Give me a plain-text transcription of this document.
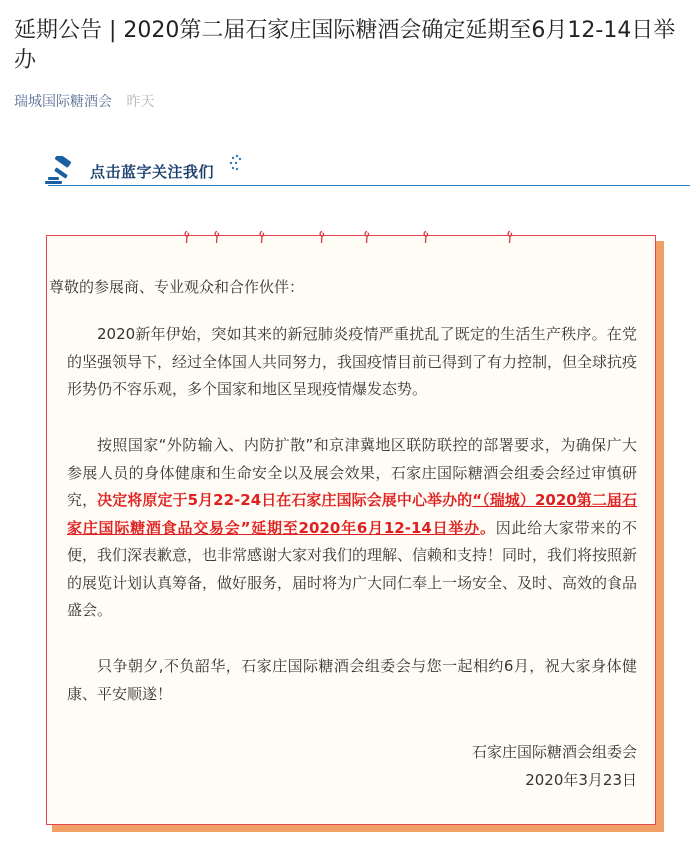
延期公告 | 2020第二届石家庄国际糖酒会确定延期至6月12-14日举办
瑞城国际糖酒会 昨天
点击蓝字关注我们

尊敬的参展商、专业观众和合作伙伴：

2020新年伊始，突如其来的新冠肺炎疫情严重扰乱了既定的生活生产秩序。在党的坚强领导下，经过全体国人共同努力，我国疫情目前已得到了有力控制，但全球抗疫形势仍不容乐观，多个国家和地区呈现疫情爆发态势。

按照国家“外防输入、内防扩散”和京津冀地区联防联控的部署要求，为确保广大参展人员的身体健康和生命安全以及展会效果，石家庄国际糖酒会组委会经过审慎研究，决定将原定于5月22-24日在石家庄国际会展中心举办的“（瑞城）2020第二届石家庄国际糖酒食品交易会”延期至2020年6月12-14日举办。因此给大家带来的不便，我们深表歉意，也非常感谢大家对我们的理解、信赖和支持！同时，我们将按照新的展览计划认真筹备，做好服务，届时将为广大同仁奉上一场安全、及时、高效的食品盛会。

只争朝夕,不负韶华，石家庄国际糖酒会组委会与您一起相约6月，祝大家身体健康、平安顺遂！

石家庄国际糖酒会组委会

2020年3月23日
